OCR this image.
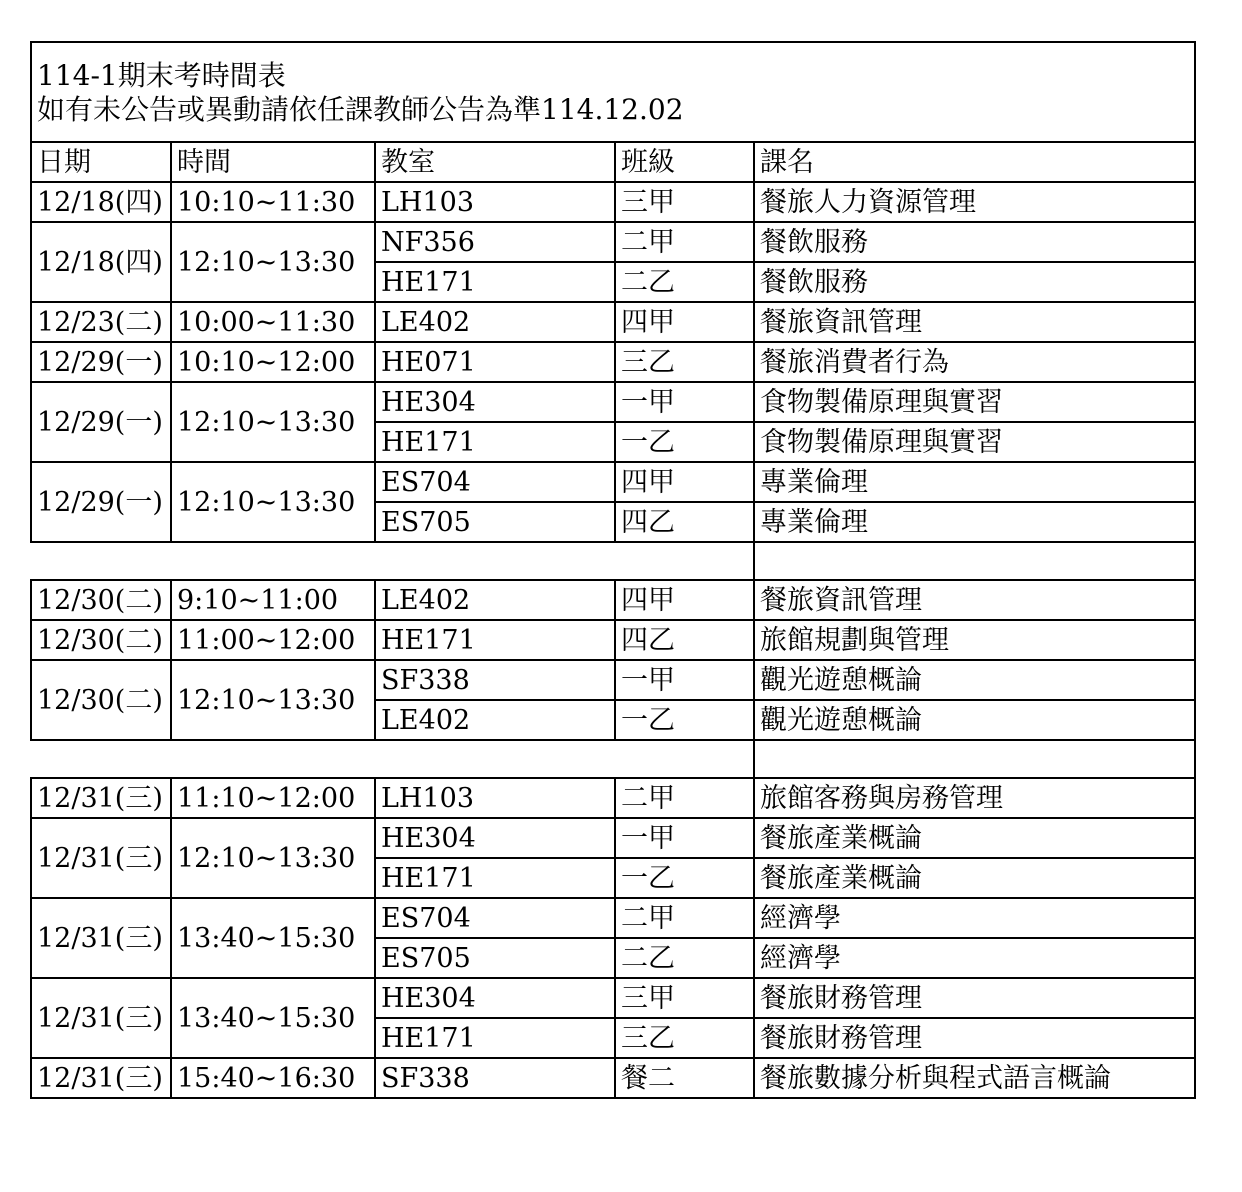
114-1期末考時間表
如有未公告或異動請依任課教師公告為準114.12.02				

日期	時間	教室	班級	課名
12/18(四)	10:10~11:30	LH103	三甲	餐旅人力資源管理
12/18(四)	12:10~13:30	NF356	二甲	餐飲服務
		HE171	二乙	餐飲服務
12/23(二)	10:00~11:30	LE402	四甲	餐旅資訊管理
12/29(一)	10:10~12:00	HE071	三乙	餐旅消費者行為
12/29(一)	12:10~13:30	HE304	一甲	食物製備原理與實習
		HE171	一乙	食物製備原理與實習
12/29(一)	12:10~13:30	ES704	四甲	專業倫理
		ES705	四乙	專業倫理

12/30(二)	9:10~11:00	LE402	四甲	餐旅資訊管理
12/30(二)	11:00~12:00	HE171	四乙	旅館規劃與管理
12/30(二)	12:10~13:30	SF338	一甲	觀光遊憩概論
		LE402	一乙	觀光遊憩概論

12/31(三)	11:10~12:00	LH103	二甲	旅館客務與房務管理
12/31(三)	12:10~13:30	HE304	一甲	餐旅產業概論
		HE171	一乙	餐旅產業概論
12/31(三)	13:40~15:30	ES704	二甲	經濟學
		ES705	二乙	經濟學
12/31(三)	13:40~15:30	HE304	三甲	餐旅財務管理
		HE171	三乙	餐旅財務管理
12/31(三)	15:40~16:30	SF338	餐二	餐旅數據分析與程式語言概論
